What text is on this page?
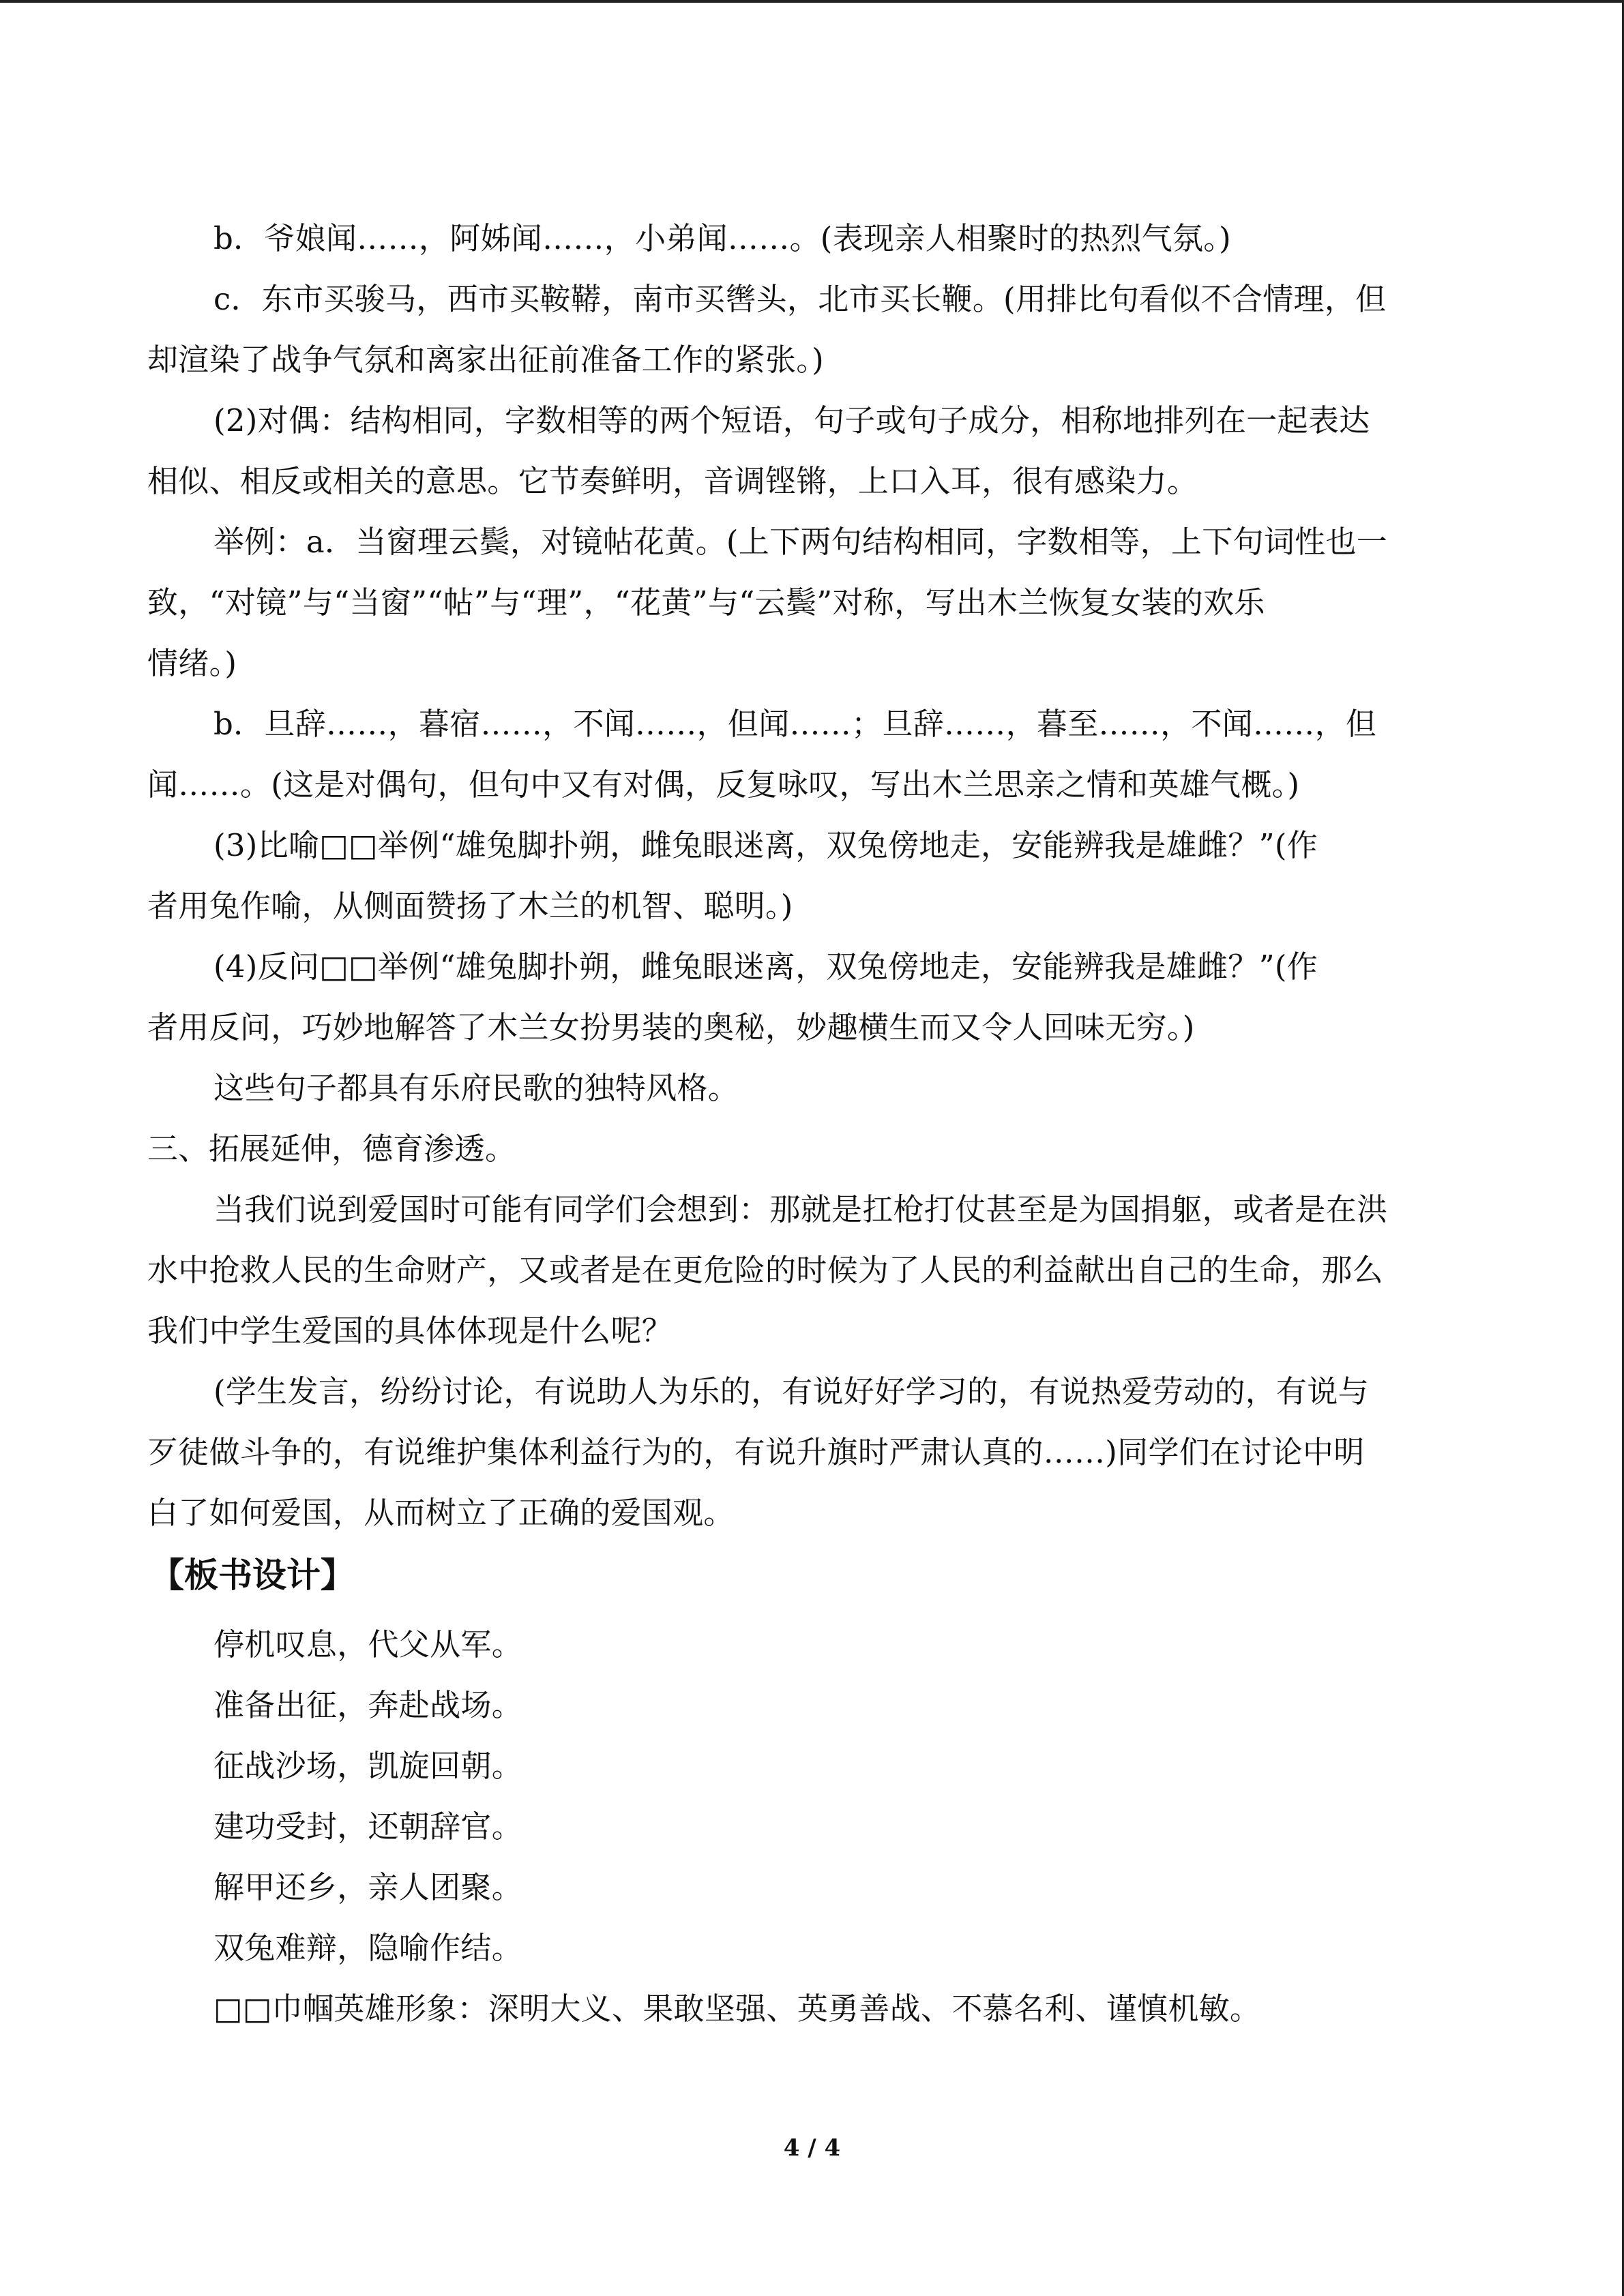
b．爷娘闻……，阿姊闻……，小弟闻……。(表现亲人相聚时的热烈气氛。)
c．东市买骏马，西市买鞍鞯，南市买辔头，北市买长鞭。(用排比句看似不合情理，但
却渲染了战争气氛和离家出征前准备工作的紧张。)
(2)对偶：结构相同，字数相等的两个短语，句子或句子成分，相称地排列在一起表达
相似、相反或相关的意思。它节奏鲜明，音调铿锵，上口入耳，很有感染力。
举例：a．当窗理云鬓，对镜帖花黄。(上下两句结构相同，字数相等，上下句词性也一
致，“对镜”与“当窗”“帖”与“理”，“花黄”与“云鬓”对称，写出木兰恢复女装的欢乐
情绪。)
b．旦辞……，暮宿……，不闻……，但闻……；旦辞……，暮至……，不闻……，但
闻……。(这是对偶句，但句中又有对偶，反复咏叹，写出木兰思亲之情和英雄气概。)
(3)比喻□□举例“雄兔脚扑朔，雌兔眼迷离，双兔傍地走，安能辨我是雄雌？”(作
者用兔作喻，从侧面赞扬了木兰的机智、聪明。)
(4)反问□□举例“雄兔脚扑朔，雌兔眼迷离，双兔傍地走，安能辨我是雄雌？”(作
者用反问，巧妙地解答了木兰女扮男装的奥秘，妙趣横生而又令人回味无穷。)
这些句子都具有乐府民歌的独特风格。
三、拓展延伸，德育渗透。
当我们说到爱国时可能有同学们会想到：那就是扛枪打仗甚至是为国捐躯，或者是在洪
水中抢救人民的生命财产，又或者是在更危险的时候为了人民的利益献出自己的生命，那么
我们中学生爱国的具体体现是什么呢？
(学生发言，纷纷讨论，有说助人为乐的，有说好好学习的，有说热爱劳动的，有说与
歹徒做斗争的，有说维护集体利益行为的，有说升旗时严肃认真的……)同学们在讨论中明
白了如何爱国，从而树立了正确的爱国观。
【板书设计】
停机叹息，代父从军。
准备出征，奔赴战场。
征战沙场，凯旋回朝。
建功受封，还朝辞官。
解甲还乡，亲人团聚。
双兔难辩，隐喻作结。
□□巾帼英雄形象：深明大义、果敢坚强、英勇善战、不慕名利、谨慎机敏。
4 / 4
